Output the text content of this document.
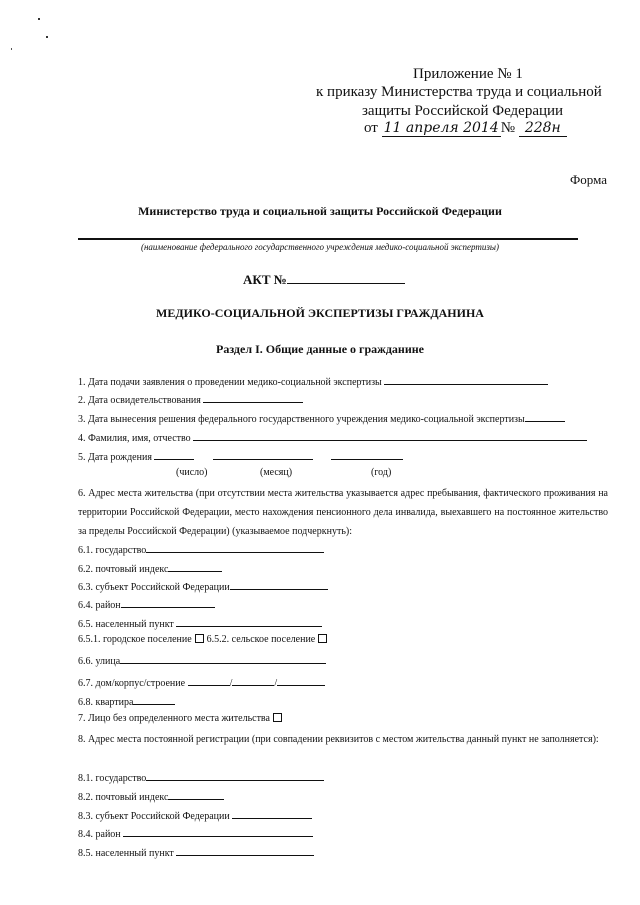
Приложение № 1
к приказу Министерства труда и социальной
защиты Российской Федерации
от 11 апреля 2014 № 228н
Форма
Министерство труда и социальной защиты Российской Федерации
(наименование федерального государственного учреждения медико-социальной экспертизы)
АКТ №
МЕДИКО-СОЦИАЛЬНОЙ ЭКСПЕРТИЗЫ ГРАЖДАНИНА
Раздел I. Общие данные о гражданине
1. Дата подачи заявления о проведении медико-социальной экспертизы
2. Дата освидетельствования
3. Дата вынесения решения федерального государственного учреждения медико-социальной экспертизы
4. Фамилия, имя, отчество
5. Дата рождения
(число)	(месяц)	(год)
6. Адрес места жительства (при отсутствии места жительства указывается адрес пребывания, фактического проживания на территории Российской Федерации, место нахождения пенсионного дела инвалида, выехавшего на постоянное жительство за пределы Российской Федерации) (указываемое подчеркнуть):
6.1. государство
6.2. почтовый индекс
6.3. субъект Российской Федерации
6.4. район
6.5. населенный пункт
6.5.1. городское поселение 6.5.2. сельское поселение
6.6. улица
6.7. дом/корпус/строение	/	/
6.8. квартира
7. Лицо без определенного места жительства
8. Адрес места постоянной регистрации (при совпадении реквизитов с местом жительства данный пункт не заполняется):
8.1. государство
8.2. почтовый индекс
8.3. субъект Российской Федерации
8.4. район
8.5. населенный пункт
